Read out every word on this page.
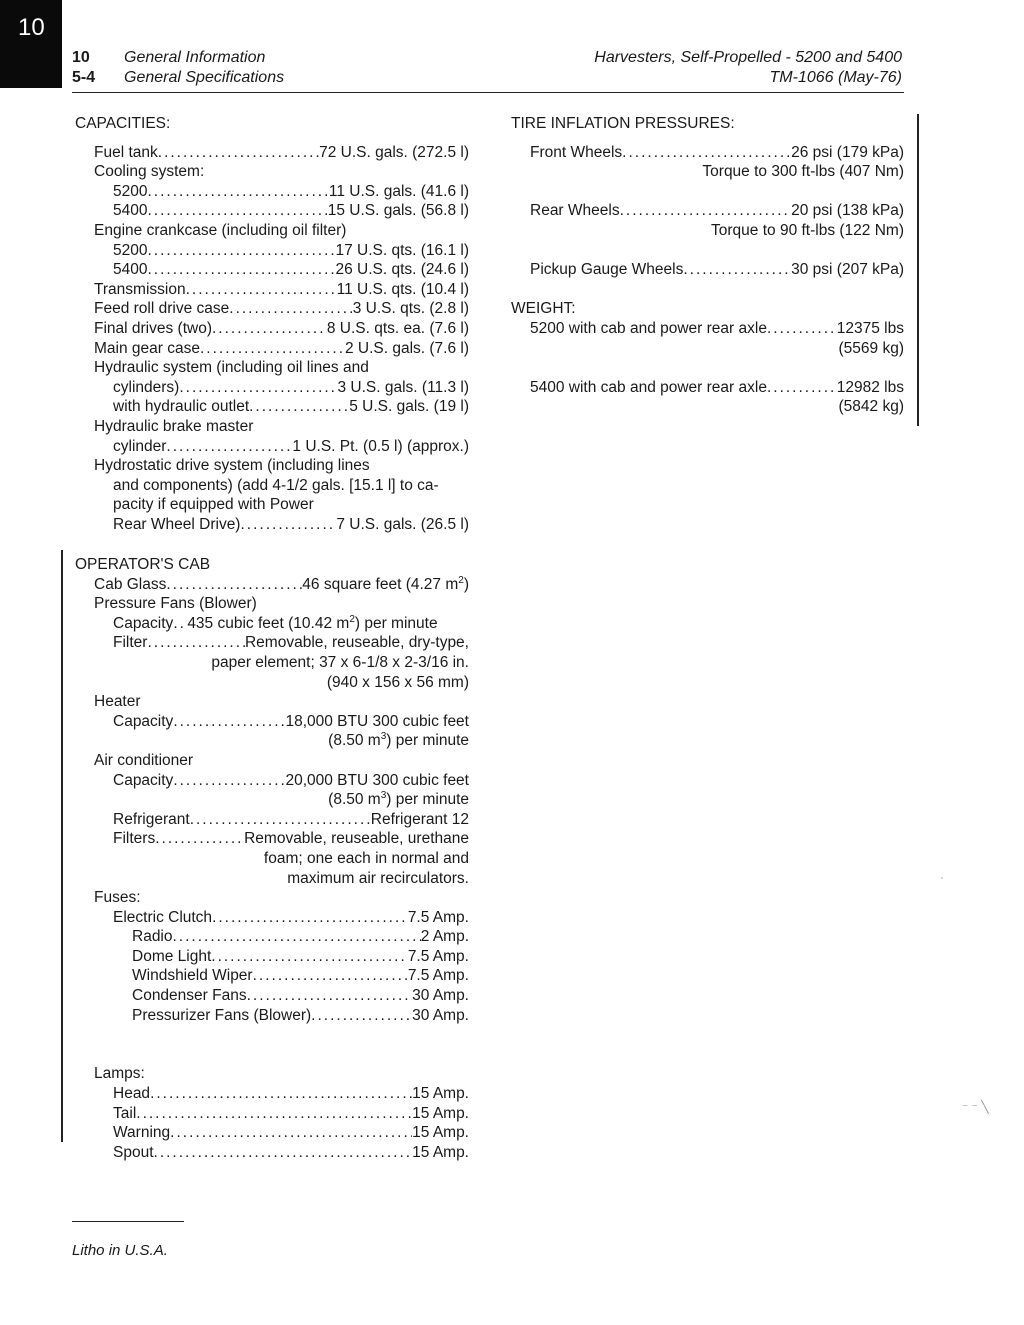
10
10 General Information
5-4 General Specifications
Harvesters, Self-Propelled - 5200 and 5400
TM-1066 (May-76)
CAPACITIES:
Fuel tank .....	72 U.S. gals. (272.5 l)
Cooling system:
5200 .....	11 U.S. gals. (41.6 l)
5400 .....	15 U.S. gals. (56.8 l)
Engine crankcase (including oil filter)
5200 .....	17 U.S. qts. (16.1 l)
5400 .....	26 U.S. qts. (24.6 l)
Transmission .....	11 U.S. qts. (10.4 l)
Feed roll drive case .....	3 U.S. qts. (2.8 l)
Final drives (two) .....	8 U.S. qts. ea. (7.6 l)
Main gear case .....	2 U.S. gals. (7.6 l)
Hydraulic system (including oil lines and
cylinders) .....	3 U.S. gals. (11.3 l)
with hydraulic outlet .....	5 U.S. gals. (19 l)
Hydraulic brake master
cylinder .....	1 U.S. Pt. (0.5 l) (approx.)
Hydrostatic drive system (including lines
and components) (add 4-1/2 gals. [15.1 l] to ca-
pacity if equipped with Power
Rear Wheel Drive) .....	7 U.S. gals. (26.5 l)
OPERATOR'S CAB
Cab Glass .....	46 square feet (4.27 $m^2$)
Pressure Fans (Blower)
Capacity ..... 435 cubic feet (10.42 $m^2$) per minute
Filter .....	Removable, reuseable, dry-type,
paper element; 37 x 6-1/8 x 2-3/16 in.
(940 x 156 x 56 mm)
Heater
Capacity .....	18,000 BTU 300 cubic feet
(8.50 $m^3$) per minute
Air conditioner
Capacity .....	20,000 BTU 300 cubic feet
(8.50 $m^3$) per minute
Refrigerant .....	Refrigerant 12
Filters .....	Removable, reuseable, urethane
foam; one each in normal and
maximum air recirculators.
Fuses:
Electric Clutch .....	7.5 Amp.
Radio .....	2 Amp.
Dome Light .....	7.5 Amp.
Windshield Wiper .....	7.5 Amp.
Condenser Fans .....	30 Amp.
Pressurizer Fans (Blower) .....	30 Amp.
Lamps:
Head .....	15 Amp.
Tail .....	15 Amp.
Warning .....	15 Amp.
Spout .....	15 Amp.
TIRE INFLATION PRESSURES:
Front Wheels .....	26 psi (179 kPa)
Torque to 300 ft-lbs (407 Nm)
Rear Wheels .....	20 psi (138 kPa)
Torque to 90 ft-lbs (122 Nm)
Pickup Gauge Wheels .....	30 psi (207 kPa)
WEIGHT:
5200 with cab and power rear axle .....	12375 lbs
(5569 kg)
5400 with cab and power rear axle .....	12982 lbs
(5842 kg)
Litho in U.S.A.
·
⁻ ⁻ ╲
